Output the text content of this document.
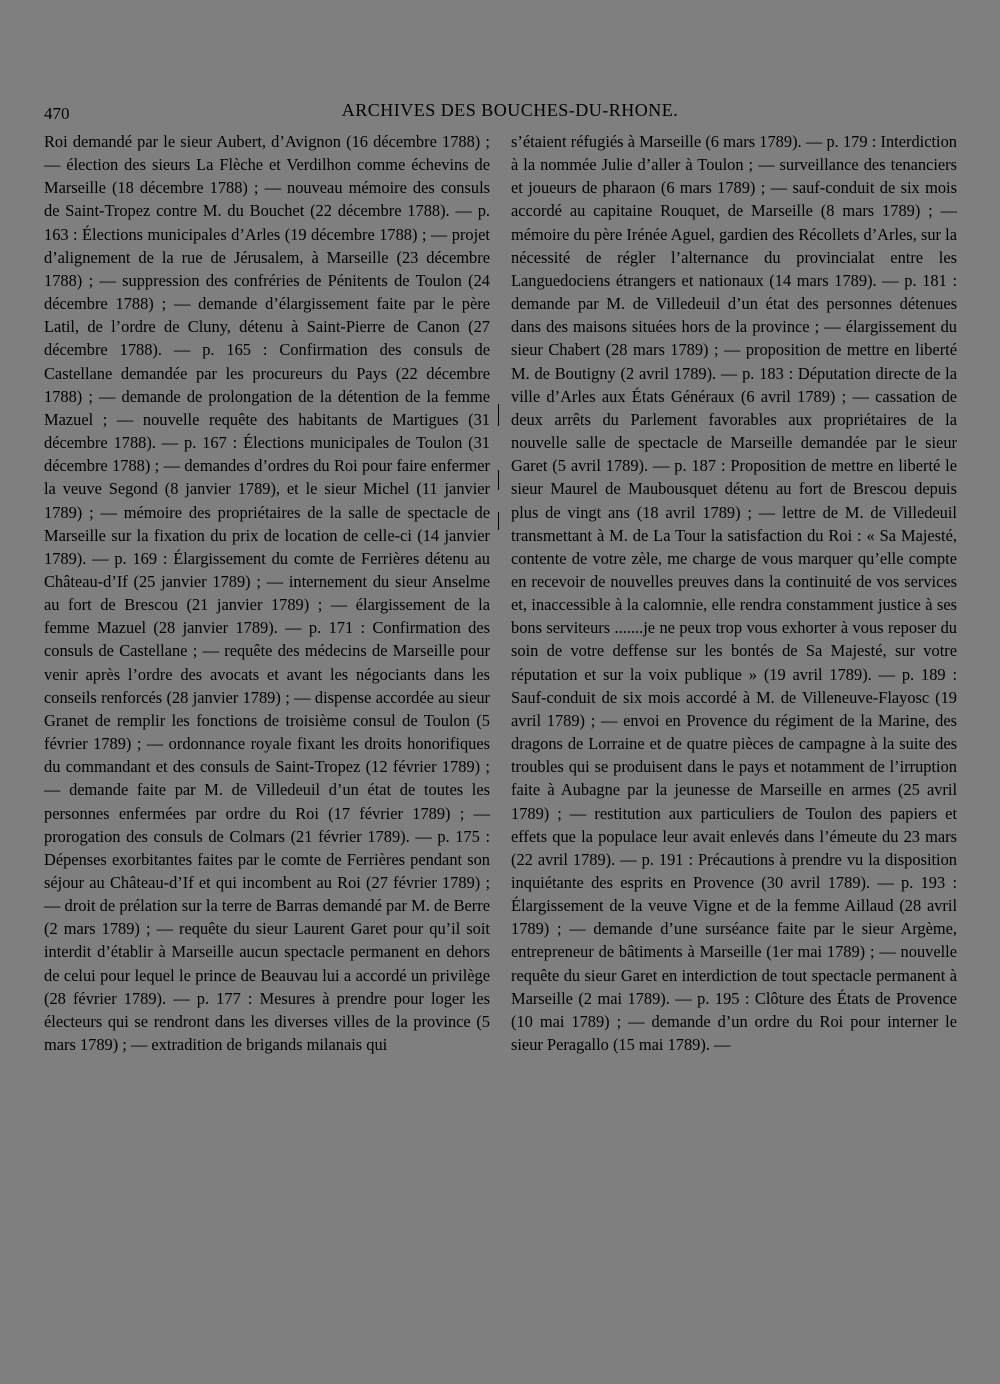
470	ARCHIVES DES BOUCHES-DU-RHONE.

Roi demandé par le sieur Aubert, d’Avignon (16 décembre 1788) ; — élection des sieurs La Flèche et Verdilhon comme échevins de Marseille (18 décembre 1788) ; — nouveau mémoire des consuls de Saint-Tropez contre M. du Bouchet (22 décembre 1788). — p. 163 : Élections municipales d’Arles (19 décembre 1788) ; — projet d’alignement de la rue de Jérusalem, à Marseille (23 décembre 1788) ; — suppression des confréries de Pénitents de Toulon (24 décembre 1788) ; — demande d’élargissement faite par le père Latil, de l’ordre de Cluny, détenu à Saint-Pierre de Canon (27 décembre 1788). — p. 165 : Confirmation des consuls de Castellane demandée par les procureurs du Pays (22 décembre 1788) ; — demande de prolongation de la détention de la femme Mazuel ; — nouvelle requête des habitants de Martigues (31 décembre 1788). — p. 167 : Élections municipales de Toulon (31 décembre 1788) ; — demandes d’ordres du Roi pour faire enfermer la veuve Segond (8 janvier 1789), et le sieur Michel (11 janvier 1789) ; — mémoire des propriétaires de la salle de spectacle de Marseille sur la fixation du prix de location de celle-ci (14 janvier 1789). — p. 169 : Élargissement du comte de Ferrières détenu au Château-d’If (25 janvier 1789) ; — internement du sieur Anselme au fort de Brescou (21 janvier 1789) ; — élargissement de la femme Mazuel (28 janvier 1789). — p. 171 : Confirmation des consuls de Castellane ; — requête des médecins de Marseille pour venir après l’ordre des avocats et avant les négociants dans les conseils renforcés (28 janvier 1789) ; — dispense accordée au sieur Granet de remplir les fonctions de troisième consul de Toulon (5 février 1789) ; — ordonnance royale fixant les droits honorifiques du commandant et des consuls de Saint-Tropez (12 février 1789) ; — demande faite par M. de Villedeuil d’un état de toutes les personnes enfermées par ordre du Roi (17 février 1789) ; — prorogation des consuls de Colmars (21 février 1789). — p. 175 : Dépenses exorbitantes faites par le comte de Ferrières pendant son séjour au Château-d’If et qui incombent au Roi (27 février 1789) ; — droit de prélation sur la terre de Barras demandé par M. de Berre (2 mars 1789) ; — requête du sieur Laurent Garet pour qu’il soit interdit d’établir à Marseille aucun spectacle permanent en dehors de celui pour lequel le prince de Beauvau lui a accordé un privilège (28 février 1789). — p. 177 : Mesures à prendre pour loger les électeurs qui se rendront dans les diverses villes de la province (5 mars 1789) ; — extradition de brigands milanais qui

s’étaient réfugiés à Marseille (6 mars 1789). — p. 179 : Interdiction à la nommée Julie d’aller à Toulon ; — surveillance des tenanciers et joueurs de pharaon (6 mars 1789) ; — sauf-conduit de six mois accordé au capitaine Rouquet, de Marseille (8 mars 1789) ; — mémoire du père Irénée Aguel, gardien des Récollets d’Arles, sur la nécessité de régler l’alternance du provincialat entre les Languedociens étrangers et nationaux (14 mars 1789). — p. 181 : demande par M. de Villedeuil d’un état des personnes détenues dans des maisons situées hors de la province ; — élargissement du sieur Chabert (28 mars 1789) ; — proposition de mettre en liberté M. de Boutigny (2 avril 1789). — p. 183 : Députation directe de la ville d’Arles aux États Généraux (6 avril 1789) ; — cassation de deux arrêts du Parlement favorables aux propriétaires de la nouvelle salle de spectacle de Marseille demandée par le sieur Garet (5 avril 1789). — p. 187 : Proposition de mettre en liberté le sieur Maurel de Maubousquet détenu au fort de Brescou depuis plus de vingt ans (18 avril 1789) ; — lettre de M. de Villedeuil transmettant à M. de La Tour la satisfaction du Roi : « Sa Majesté, contente de votre zèle, me charge de vous marquer qu’elle compte en recevoir de nouvelles preuves dans la continuité de vos services et, inaccessible à la calomnie, elle rendra constamment justice à ses bons serviteurs .......je ne peux trop vous exhorter à vous reposer du soin de votre deffense sur les bontés de Sa Majesté, sur votre réputation et sur la voix publique » (19 avril 1789). — p. 189 : Sauf-conduit de six mois accordé à M. de Villeneuve-Flayosc (19 avril 1789) ; — envoi en Provence du régiment de la Marine, des dragons de Lorraine et de quatre pièces de campagne à la suite des troubles qui se produisent dans le pays et notamment de l’irruption faite à Aubagne par la jeunesse de Marseille en armes (25 avril 1789) ; — restitution aux particuliers de Toulon des papiers et effets que la populace leur avait enlevés dans l’émeute du 23 mars (22 avril 1789). — p. 191 : Précautions à prendre vu la disposition inquiétante des esprits en Provence (30 avril 1789). — p. 193 : Élargissement de la veuve Vigne et de la femme Aillaud (28 avril 1789) ; — demande d’une surséance faite par le sieur Argème, entrepreneur de bâtiments à Marseille (1er mai 1789) ; — nouvelle requête du sieur Garet en interdiction de tout spectacle permanent à Marseille (2 mai 1789). — p. 195 : Clôture des États de Provence (10 mai 1789) ; — demande d’un ordre du Roi pour interner le sieur Peragallo (15 mai 1789). —
